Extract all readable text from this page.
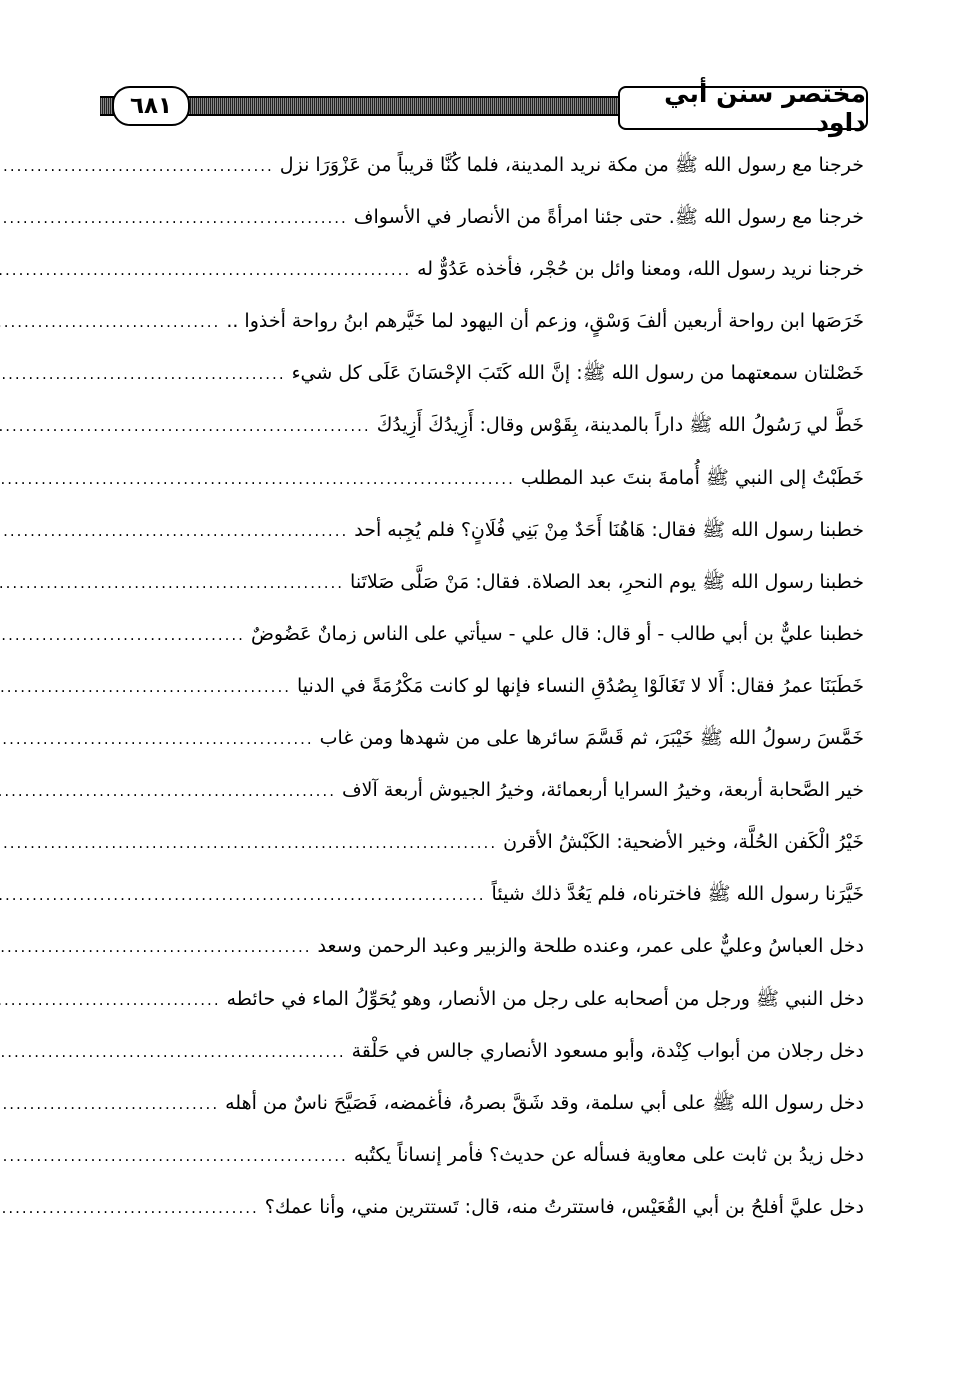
٦٨١	مختصر سنن أبي داود
خرجنا مع رسول الله ﷺ من مكة نريد المدينة، فلما كُنَّا قريباً من عَزْوَرَا نزل
.....
خرجنا مع رسول الله ﷺ. حتى جئنا امرأةً من الأنصار في الأسواف
.....
خرجنا نريد رسول الله، ومعنا وائل بن حُجْر، فأخذه عَدُوٌّ له
.....
خَرَصَها ابن رواحة أربعين ألفَ وَسْقٍ، وزعم أن اليهود لما خَيَّرهم ابنُ رواحة أخذوا ..
.....
خَصْلتان سمعتهما من رسول الله ﷺ: إنَّ الله كَتَبَ الإحْسَانَ عَلَى كل شيء
.....
خَطَّ لي رَسُولُ الله ﷺ داراً بالمدينة، بِقَوْس وقال: أَزِيدُكَ أَزِيدُكَ
.....
خَطَبْتُ إلى النبي ﷺ أُمامةَ بنتَ عبد المطلب
.....
خطبنا رسول الله ﷺ فقال: هَاهُنَا أَحَدٌ مِنْ بَنِي فُلَانٍ؟ فلم يُجِبه أحد
.....
خطبنا رسول الله ﷺ يوم النحرِ، بعد الصلاة. فقال: مَنْ صَلَّى صَلاتَنا
.....
خطبنا عليٌّ بن أبي طالب - أو قال: قال علي - سيأتي على الناس زمانٌ عَضُوضٌ
.....
خَطَبَنَا عمرُ فقال: أَلا لا تَغَالَوْا بِصُدُقِ النساء فإنها لو كانت مَكْرُمَةً في الدنيا
.....
خَمَّسَ رسولُ الله ﷺ خَيْبَرَ، ثم قَسَّمَ سائرها على من شهدها ومن غاب
.....
خير الصَّحابة أربعة، وخيرُ السرايا أربعمائة، وخيرُ الجيوش أربعة آلاف
.....
خَيْرُ الْكَفن الحُلَّة، وخير الأضحية: الكَبْشُ الأقرن
.....
خَيَّرَنا رسول الله ﷺ فاخترناه، فلم يَعُدَّ ذلك شيئاً
.....
دخل العباسُ وعليٌّ على عمر، وعنده طلحة والزبير وعبد الرحمن وسعد
.....
دخل النبي ﷺ ورجل من أصحابه على رجل من الأنصار، وهو يُحَوِّلُ الماء في حائطه
.....
دخل رجلان من أبواب كِنْدة، وأبو مسعود الأنصاري جالس في حَلْقة
.....
دخل رسول الله ﷺ على أبي سلمة، وقد شَقَّ بصرهُ، فأغمضه، فَصَيَّحَ ناسٌ من أهله
.....
دخل زيدُ بن ثابت على معاوية فسأله عن حديث؟ فأمر إنساناً يكتُبه
.....
دخل عليَّ أفلحُ بن أبي القُعَيْس، فاستترتُ منه، قال: تَستترين مني، وأنا عمك؟
.....
